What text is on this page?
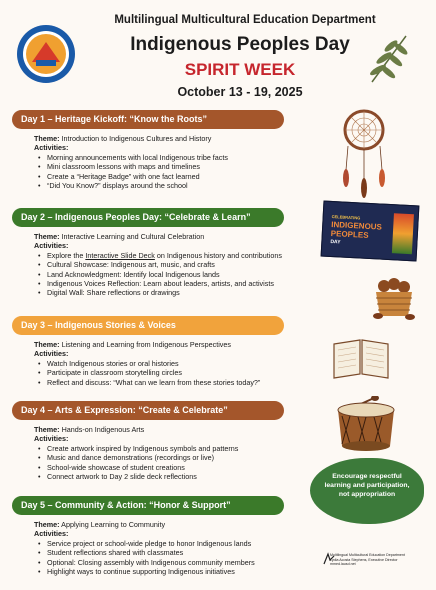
Multilingual Multicultural Education Department
Indigenous Peoples Day
SPIRIT WEEK
October 13 - 19, 2025
Day 1 – Heritage Kickoff: “Know the Roots”
Theme: Introduction to Indigenous Cultures and History
Activities:
• Morning announcements with local Indigenous tribe facts
• Mini classroom lessons with maps and timelines
• Create a “Heritage Badge” with one fact learned
• “Did You Know?” displays around the school
Day 2 – Indigenous Peoples Day: “Celebrate & Learn”
Theme: Interactive Learning and Cultural Celebration
Activities:
• Explore the Interactive Slide Deck on Indigenous history and contributions
• Cultural Showcase: Indigenous art, music, and crafts
• Land Acknowledgment: Identify local Indigenous lands
• Indigenous Voices Reflection: Learn about leaders, artists, and activists
• Digital Wall: Share reflections or drawings
Day 3 – Indigenous Stories & Voices
Theme: Listening and Learning from Indigenous Perspectives
Activities:
• Watch Indigenous stories or oral histories
• Participate in classroom storytelling circles
• Reflect and discuss: “What can we learn from these stories today?”
Day 4 – Arts & Expression: “Create & Celebrate”
Theme: Hands-on Indigenous Arts
Activities:
• Create artwork inspired by Indigenous symbols and patterns
• Music and dance demonstrations (recordings or live)
• School-wide showcase of student creations
• Connect artwork to Day 2 slide deck reflections
Day 5 – Community & Action: “Honor & Support”
Theme: Applying Learning to Community
Activities:
• Service project or school-wide pledge to honor Indigenous lands
• Student reflections shared with classmates
• Optional: Closing assembly with Indigenous community members
• Highlight ways to continue supporting Indigenous initiatives
CELEBRATING
INDIGENOUS
PEOPLES
DAY
Encourage respectful learning and participation, not appropriation
Multilingual Multicultural Education Department
Lydia Acosta Stephens, Executive Director
mmed.lausd.net
